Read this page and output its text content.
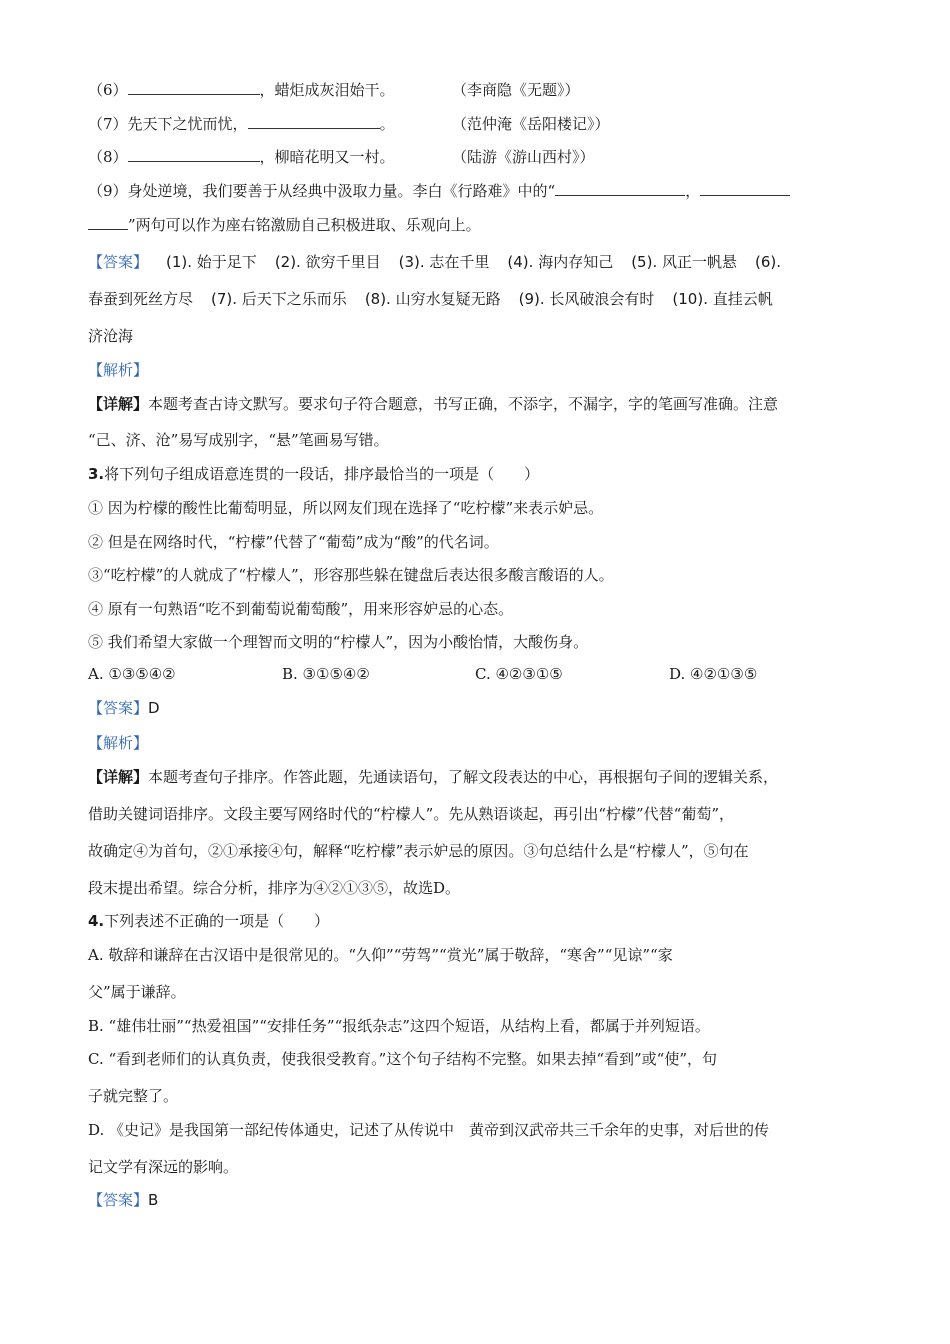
（6）	，蜡炬成灰泪始干。	（李商隐《无题》）
（7）先天下之忧而忧，	。	（范仲淹《岳阳楼记》）
（8）	，柳暗花明又一村。	（陆游《游山西村》）
（9）身处逆境，我们要善于从经典中汲取力量。李白《行路难》中的“	，
”两句可以作为座右铭激励自己积极进取、乐观向上。
【答案】 (1). 始于足下 (2). 欲穷千里目 (3). 志在千里 (4). 海内存知己 (5). 风正一帆悬 (6).
春蚕到死丝方尽 (7). 后天下之乐而乐 (8). 山穷水复疑无路 (9). 长风破浪会有时 (10). 直挂云帆
济沧海
【解析】
【详解】本题考查古诗文默写。要求句子符合题意，书写正确，不添字，不漏字，字的笔画写准确。注意
“己、济、沧”易写成别字，“悬”笔画易写错。
3.将下列句子组成语意连贯的一段话，排序最恰当的一项是（　　）
① 因为柠檬的酸性比葡萄明显，所以网友们现在选择了“吃柠檬”来表示妒忌。
② 但是在网络时代，“柠檬”代替了“葡萄”成为“酸”的代名词。
③“吃柠檬”的人就成了“柠檬人”，形容那些躲在键盘后表达很多酸言酸语的人。
④ 原有一句熟语“吃不到葡萄说葡萄酸”，用来形容妒忌的心态。
⑤ 我们希望大家做一个理智而文明的“柠檬人”，因为小酸怡情，大酸伤身。
A. ①③⑤④②	B. ③①⑤④②	C. ④②③①⑤	D. ④②①③⑤
【答案】D
【解析】
【详解】本题考查句子排序。作答此题，先通读语句，了解文段表达的中心，再根据句子间的逻辑关系，
借助关键词语排序。文段主要写网络时代的“柠檬人”。先从熟语谈起，再引出“柠檬”代替“葡萄”，
故确定④为首句，②①承接④句，解释“吃柠檬”表示妒忌的原因。③句总结什么是“柠檬人”，⑤句在
段末提出希望。综合分析，排序为④②①③⑤，故选D。
4.下列表述不正确的一项是（　　）
A. 敬辞和谦辞在古汉语中是很常见的。“久仰”“劳驾”“赏光”属于敬辞，“寒舍”“见谅”“家
父”属于谦辞。
B. “雄伟壮丽”“热爱祖国”“安排任务”“报纸杂志”这四个短语，从结构上看，都属于并列短语。
C. “看到老师们的认真负责，使我很受教育。”这个句子结构不完整。如果去掉“看到”或“使”，句
子就完整了。
D. 《史记》是我国第一部纪传体通史，记述了从传说中　黄帝到汉武帝共三千余年的史事，对后世的传
记文学有深远的影响。
【答案】B
